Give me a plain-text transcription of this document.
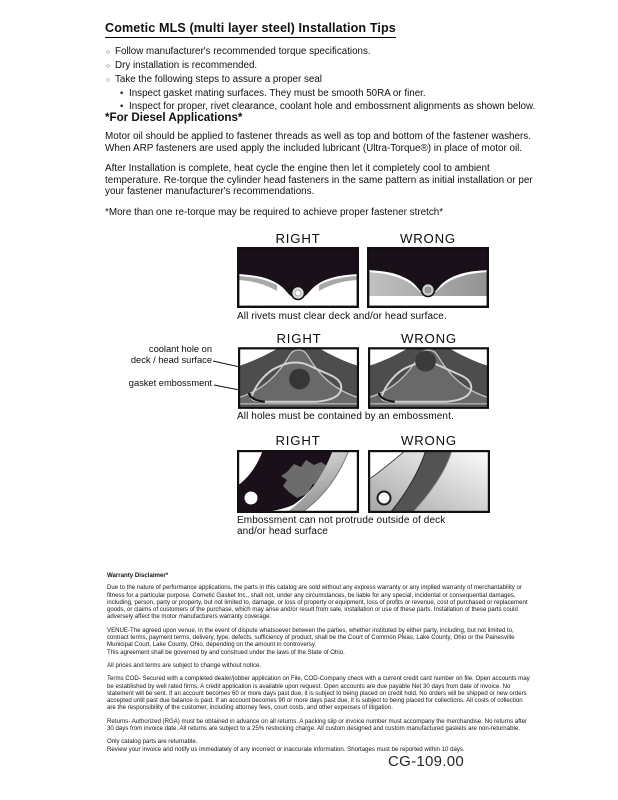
Cometic MLS (multi layer steel) Installation Tips
○ Follow manufacturer's recommended torque specifications.
○ Dry installation is recommended.
○ Take the following steps to assure a proper seal
• Inspect gasket mating surfaces. They must be smooth 50RA or finer.
• Inspect for proper, rivet clearance, coolant hole and embossment alignments as shown below.
*For Diesel Applications*

Motor oil should be applied to fastener threads as well as top and bottom of the fastener washers. When ARP fasteners are used apply the included lubricant (Ultra-Torque®) in place of motor oil.

After Installation is complete, heat cycle the engine then let it completely cool to ambient temperature. Re-torque the cylinder head fasteners in the same pattern as initial installation or per your fastener manufacturer's recommendations.

*More than one re-torque may be required to achieve proper fastener stretch*

RIGHT	WRONG
All rivets must clear deck and/or head surface.
RIGHT	WRONG
coolant hole on
deck / head surface
gasket embossment
All holes must be contained by an embossment.
RIGHT	WRONG
Embossment can not protrude outside of deck
and/or head surface

Warranty Disclaimer*

Due to the nature of performance applications, the parts in this catalog are sold without any express warranty or any implied warranty of merchantability or fitness for a particular purpose. Cometic Gasket Inc., shall not, under any circumstances, be liable for any special, incidental or consequential damages, including, person, party or property, but not limited to, damage, or loss of property or equipment, loss of profits or revenue, cost of purchased or replacement goods, or claims of customers of the purchase, which may arise and/or result from sale, installation or use of these parts. Installation of these parts could adversely affect the motor manufacturers warranty coverage.

VENUE-The agreed upon venue, in the event of dispute whatsoever between the parties, whether instituted by either party, including, but not limited to, contract terms, payment terms, delivery, type, defects, sufficiency of product, shall be the Court of Common Pleas, Lake County, Ohio or the Painesville Municipal Court, Lake County, Ohio, depending on the amount in controversy.

This agreement shall be governed by and construed under the laws of the State of Ohio.

All prices and terms are subject to change without notice.

Terms COD- Secured with a completed dealer/jobber application on File, COD-Company check with a current credit card number on file. Open accounts may be established by well rated firms. A credit application is available upon request. Open accounts are due payable Net 30 days from date of invoice. No statement will be sent. If an account becomes 60 or more days past due, it is subject to being placed on credit hold. No orders will be shipped or new orders accepted until past due balance is paid. If an account becomes 90 or more days past due, it is subject to being placed for collections. All costs of collection are the responsibility of the customer, including attorney fees, court costs, and other expenses of litigation.

Returns- Authorized (RGA) must be obtained in advance on all returns. A packing slip or invoice number must accompany the merchandise. No returns after 30 days from invoice date. All returns are subject to a 25% restocking charge. All custom designed and custom manufactured gaskets are non-returnable.

Only catalog parts are returnable.

Review your invoice and notify us immediately of any incorrect or inaccurate information. Shortages must be reported within 10 days.

CG-109.00
